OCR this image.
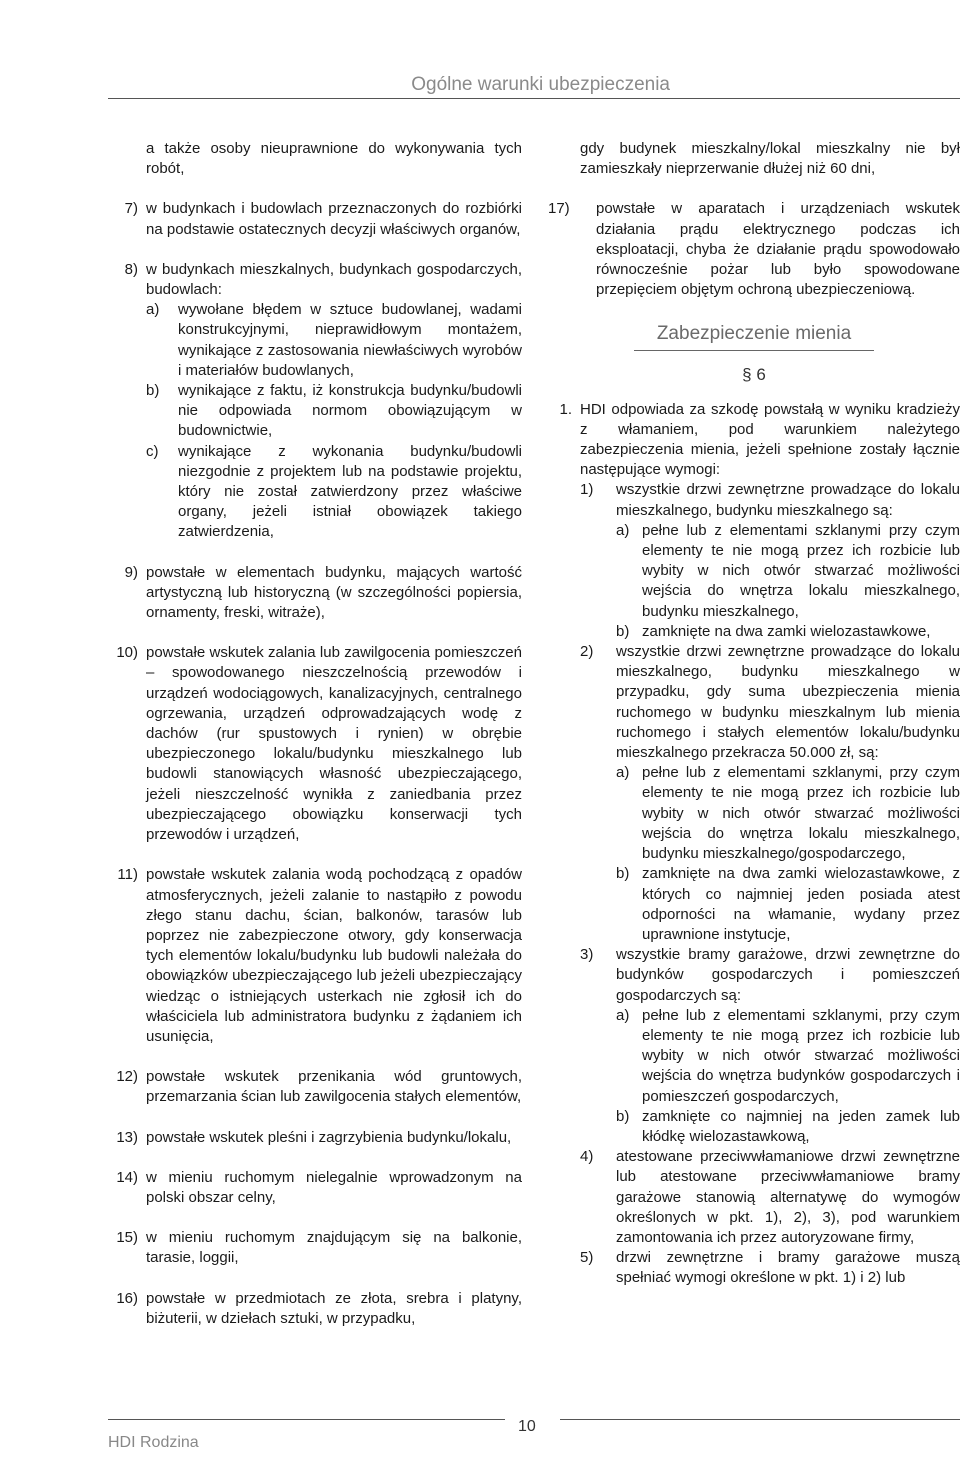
Ogólne warunki ubezpieczenia
a także osoby nieuprawnione do wykonywania tych robót,
7) w budynkach i budowlach przeznaczonych do rozbiórki na podstawie ostatecznych decyzji właściwych organów,
8) w budynkach mieszkalnych, budynkach gospodarczych, budowlach:
a) wywołane błędem w sztuce budowlanej, wadami konstrukcyjnymi, nieprawidłowym montażem, wynikające z zastosowania niewłaściwych wyrobów i materiałów budowlanych,
b) wynikające z faktu, iż konstrukcja budynku/budowli nie odpowiada normom obowiązującym w budownictwie,
c) wynikające z wykonania budynku/budowli niezgodnie z projektem lub na podstawie projektu, który nie został zatwierdzony przez właściwe organy, jeżeli istniał obowiązek takiego zatwierdzenia,
9) powstałe w elementach budynku, mających wartość artystyczną lub historyczną (w szczególności popiersia, ornamenty, freski, witraże),
10) powstałe wskutek zalania lub zawilgocenia pomieszczeń – spowodowanego nieszczelnością przewodów i urządzeń wodociągowych, kanalizacyjnych, centralnego ogrzewania, urządzeń odprowadzających wodę z dachów (rur spustowych i rynien) w obrębie ubezpieczonego lokalu/budynku mieszkalnego lub budowli stanowiących własność ubezpieczającego, jeżeli nieszczelność wynikła z zaniedbania przez ubezpieczającego obowiązku konserwacji tych przewodów i urządzeń,
11) powstałe wskutek zalania wodą pochodzącą z opadów atmosferycznych, jeżeli zalanie to nastąpiło z powodu złego stanu dachu, ścian, balkonów, tarasów lub poprzez nie zabezpieczone otwory, gdy konserwacja tych elementów lokalu/budynku lub budowli należała do obowiązków ubezpieczającego lub jeżeli ubezpieczający wiedząc o istniejących usterkach nie zgłosił ich do właściciela lub administratora budynku z żądaniem ich usunięcia,
12) powstałe wskutek przenikania wód gruntowych, przemarzania ścian lub zawilgocenia stałych elementów,
13) powstałe wskutek pleśni i zagrzybienia budynku/lokalu,
14) w mieniu ruchomym nielegalnie wprowadzonym na polski obszar celny,
15) w mieniu ruchomym znajdującym się na balkonie, tarasie, loggii,
16) powstałe w przedmiotach ze złota, srebra i platyny, biżuterii, w dziełach sztuki, w przypadku,
gdy budynek mieszkalny/lokal mieszkalny nie był zamieszkały nieprzerwanie dłużej niż 60 dni,
17) powstałe w aparatach i urządzeniach wskutek działania prądu elektrycznego podczas ich eksploatacji, chyba że działanie prądu spowodowało równocześnie pożar lub było spowodowane przepięciem objętym ochroną ubezpieczeniową.
Zabezpieczenie mienia
§ 6
1. HDI odpowiada za szkodę powstałą w wyniku kradzieży z włamaniem, pod warunkiem należytego zabezpieczenia mienia, jeżeli spełnione zostały łącznie następujące wymogi:
1) wszystkie drzwi zewnętrzne prowadzące do lokalu mieszkalnego, budynku mieszkalnego są:
a) pełne lub z elementami szklanymi przy czym elementy te nie mogą przez ich rozbicie lub wybity w nich otwór stwarzać możliwości wejścia do wnętrza lokalu mieszkalnego, budynku mieszkalnego,
b) zamknięte na dwa zamki wielozastawkowe,
2) wszystkie drzwi zewnętrzne prowadzące do lokalu mieszkalnego, budynku mieszkalnego w przypadku, gdy suma ubezpieczenia mienia ruchomego w budynku mieszkalnym lub mienia ruchomego i stałych elementów lokalu/budynku mieszkalnego przekracza 50.000 zł, są:
a) pełne lub z elementami szklanymi, przy czym elementy te nie mogą przez ich rozbicie lub wybity w nich otwór stwarzać możliwości wejścia do wnętrza lokalu mieszkalnego, budynku mieszkalnego/gospodarczego,
b) zamknięte na dwa zamki wielozastawkowe, z których co najmniej jeden posiada atest odporności na włamanie, wydany przez uprawnione instytucje,
3) wszystkie bramy garażowe, drzwi zewnętrzne do budynków gospodarczych i pomieszczeń gospodarczych są:
a) pełne lub z elementami szklanymi, przy czym elementy te nie mogą przez ich rozbicie lub wybity w nich otwór stwarzać możliwości wejścia do wnętrza budynków gospodarczych i pomieszczeń gospodarczych,
b) zamknięte co najmniej na jeden zamek lub kłódkę wielozastawkową,
4) atestowane przeciwwłamaniowe drzwi zewnętrzne lub atestowane przeciwwłamaniowe bramy garażowe stanowią alternatywę do wymogów określonych w pkt. 1), 2), 3), pod warunkiem zamontowania ich przez autoryzowane firmy,
5) drzwi zewnętrzne i bramy garażowe muszą spełniać wymogi określone w pkt. 1) i 2) lub
10
HDI Rodzina
